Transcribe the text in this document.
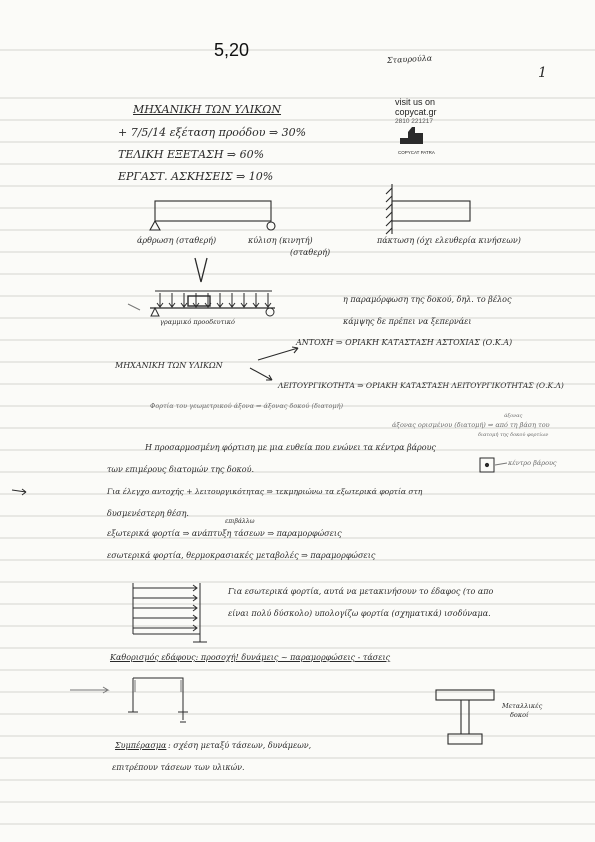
5,20	Σταυρούλα
1
visit us on
copycat.gr
2810 221217
COPYCAT PATRA
ΜΗΧΑΝΙΚΗ ΤΩΝ ΥΛΙΚΩΝ
+ 7/5/14 εξέταση προόδου ⇒ 30%
ΤΕΛΙΚΗ ΕΞΕΤΑΣΗ ⇒ 60%
ΕΡΓΑΣΤ. ΑΣΚΗΣΕΙΣ ⇒ 10%
άρθρωση (σταθερή)	κύλιση (κινητή)
(σταθερή)
πάκτωση (όχι ελευθερία κινήσεων)
γραμμικό προοδευτικό
η παραμόρφωση της δοκού, δηλ. το βέλος
κάμψης δε πρέπει να ξεπερνάει
ΑΝΤΟΧΗ ⇒ ΟΡΙΑΚΗ ΚΑΤΑΣΤΑΣΗ ΑΣΤΟΧΙΑΣ (Ο.Κ.Α)
ΜΗΧΑΝΙΚΗ ΤΩΝ ΥΛΙΚΩΝ
ΛΕΙΤΟΥΡΓΙΚΟΤΗΤΑ ⇒ ΟΡΙΑΚΗ ΚΑΤΑΣΤΑΣΗ ΛΕΙΤΟΥΡΓΙΚΟΤΗΤΑΣ (Ο.Κ.Λ)
Φορτία του γεωμετρικού άξονα ⇒ άξονας δοκού (διατομή)
άξονας
άξονας ορισμένου (διατομή) ⇒ από τη βάση του
διατομή της δοκού φορτίων
Η προσαρμοσμένη φόρτιση με μια ευθεία που ενώνει τα κέντρα βάρους
των επιμέρους διατομών της δοκού.
κέντρο βάρους
Για έλεγχο αντοχής + λειτουργικότητας ⇒ τεκμηριώνω τα εξωτερικά φορτία στη
δυσμενέστερη θέση.
επιβάλλω
εξωτερικά φορτία ⇒ ανάπτυξη τάσεων ⇒ παραμορφώσεις
εσωτερικά φορτία, θερμοκρασιακές μεταβολές ⇒ παραμορφώσεις
Για εσωτερικά φορτία, αυτά να μετακινήσουν το έδαφος (το απο
είναι πολύ δύσκολο) υπολογίζω φορτία (σχηματικά) ισοδύναμα.
Καθορισμός εδάφους: προσοχή! δυνάμεις ~ παραμορφώσεις - τάσεις
Μεταλλικές
δοκοί
Συμπέρασμα : σχέση μεταξύ τάσεων, δυνάμεων,
επιτρέπουν τάσεων των υλικών.
